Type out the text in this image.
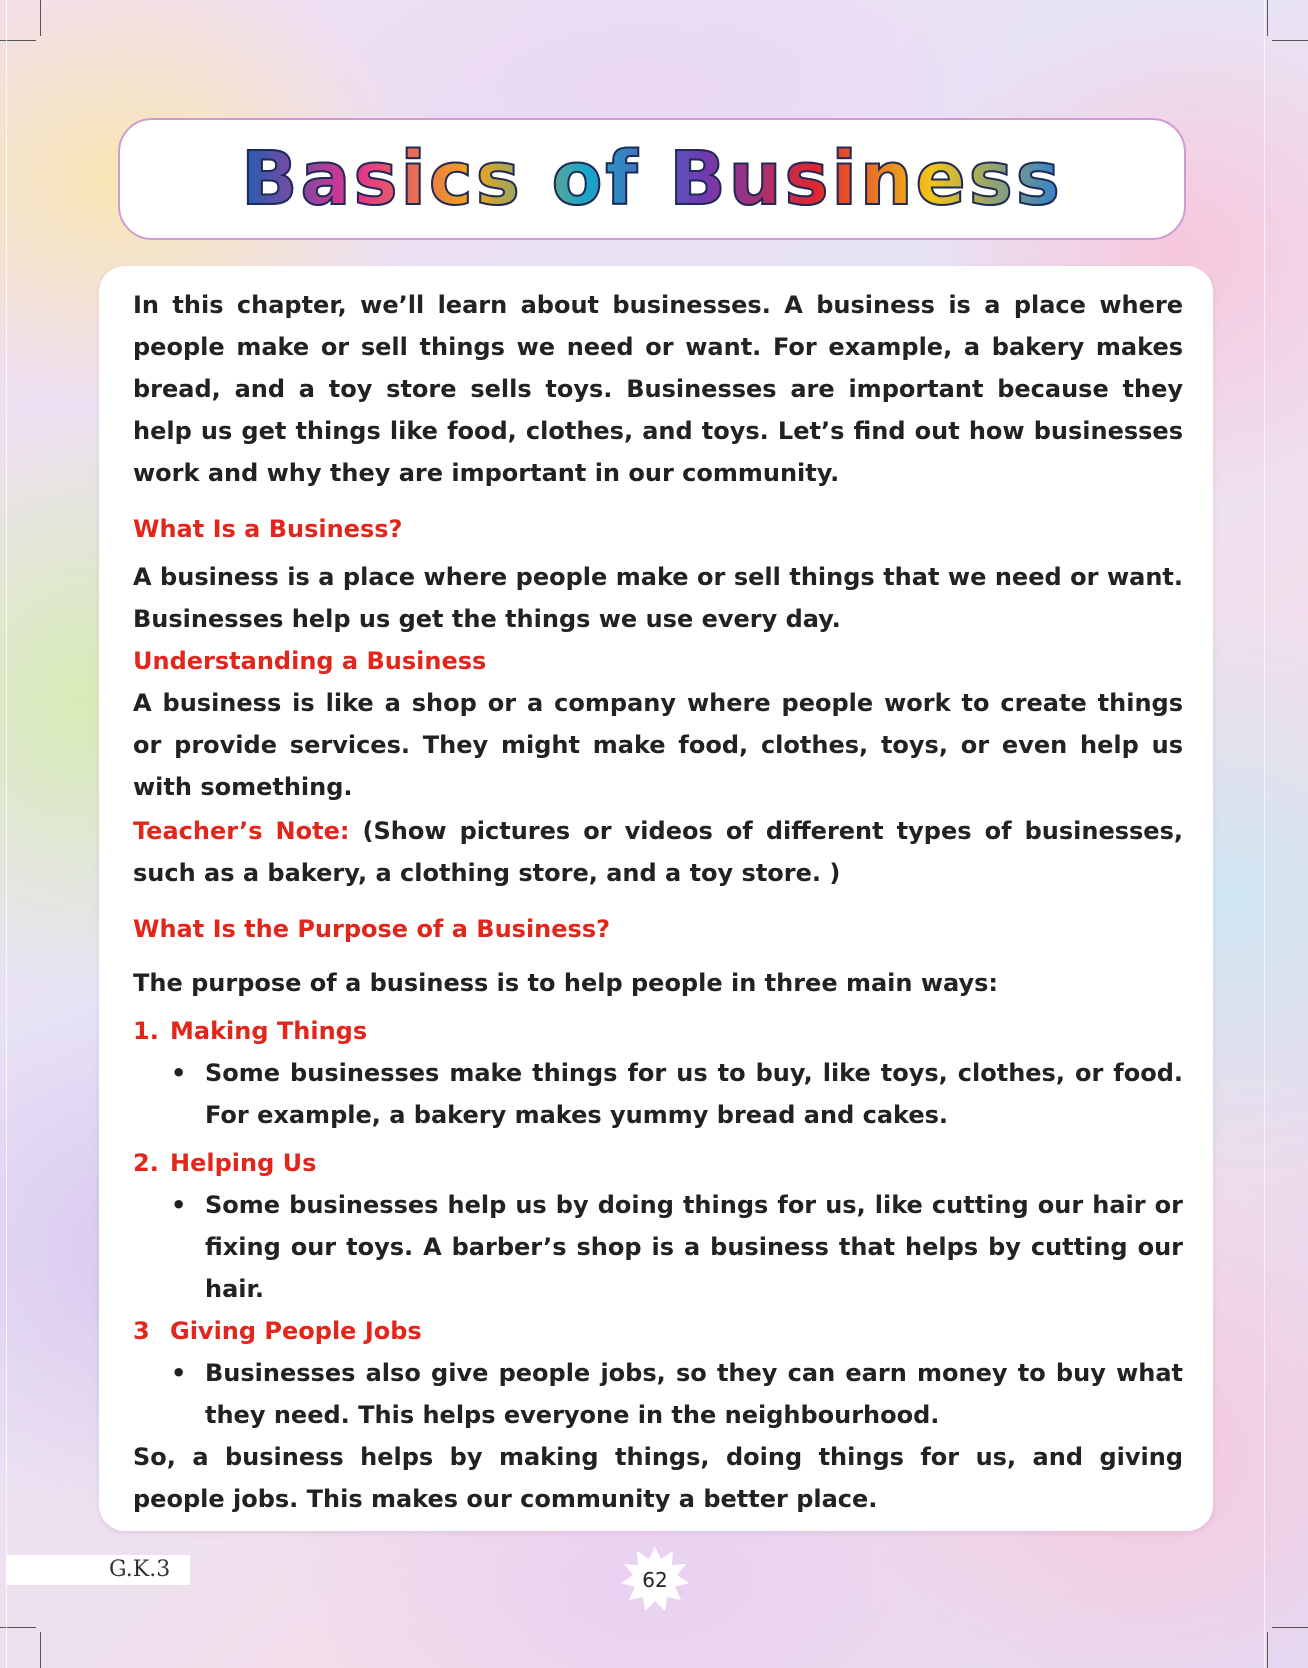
Basics of Business

In this chapter, we’ll learn about businesses. A business is a place where people make or sell things we need or want. For example, a bakery makes bread, and a toy store sells toys. Businesses are important because they help us get things like food, clothes, and toys. Let’s find out how businesses work and why they are important in our community.

What Is a Business?

A business is a place where people make or sell things that we need or want. Businesses help us get the things we use every day.

Understanding a Business

A business is like a shop or a company where people work to create things or provide services. They might make food, clothes, toys, or even help us with something.

Teacher’s Note: (Show pictures or videos of different types of businesses, such as a bakery, a clothing store, and a toy store. )

What Is the Purpose of a Business?

The purpose of a business is to help people in three main ways:

1. Making Things
• Some businesses make things for us to buy, like toys, clothes, or food. For example, a bakery makes yummy bread and cakes.
2. Helping Us
• Some businesses help us by doing things for us, like cutting our hair or fixing our toys. A barber’s shop is a business that helps by cutting our hair.
3 Giving People Jobs
• Businesses also give people jobs, so they can earn money to buy what they need. This helps everyone in the neighbourhood.

So, a business helps by making things, doing things for us, and giving people jobs. This makes our community a better place.

G.K.3	62
